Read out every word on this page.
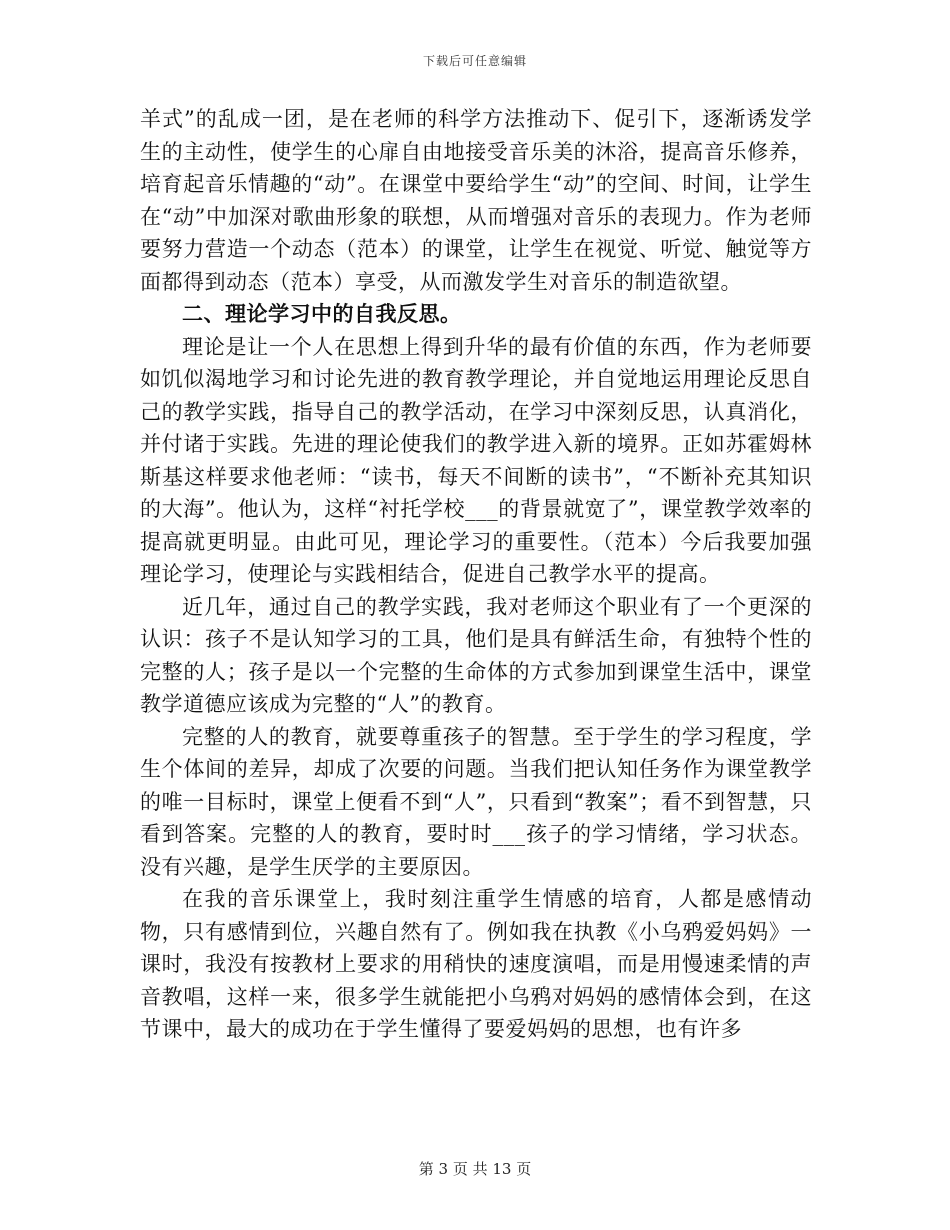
下载后可任意编辑

羊式”的乱成一团，是在老师的科学方法推动下、促引下，逐渐诱发学生的主动性，使学生的心扉自由地接受音乐美的沐浴，提高音乐修养，培育起音乐情趣的“动”。在课堂中要给学生“动”的空间、时间，让学生在“动”中加深对歌曲形象的联想，从而增强对音乐的表现力。作为老师要努力营造一个动态（范本）的课堂，让学生在视觉、听觉、触觉等方面都得到动态（范本）享受，从而激发学生对音乐的制造欲望。

二、理论学习中的自我反思。

理论是让一个人在思想上得到升华的最有价值的东西，作为老师要如饥似渴地学习和讨论先进的教育教学理论，并自觉地运用理论反思自己的教学实践，指导自己的教学活动，在学习中深刻反思，认真消化，并付诸于实践。先进的理论使我们的教学进入新的境界。正如苏霍姆林斯基这样要求他老师：“读书，每天不间断的读书”，“不断补充其知识的大海”。他认为，这样“衬托学校___的背景就宽了”，课堂教学效率的提高就更明显。由此可见，理论学习的重要性。（范本）今后我要加强理论学习，使理论与实践相结合，促进自己教学水平的提高。

近几年，通过自己的教学实践，我对老师这个职业有了一个更深的认识：孩子不是认知学习的工具，他们是具有鲜活生命，有独特个性的完整的人；孩子是以一个完整的生命体的方式参加到课堂生活中，课堂教学道德应该成为完整的“人”的教育。

完整的人的教育，就要尊重孩子的智慧。至于学生的学习程度，学生个体间的差异，却成了次要的问题。当我们把认知任务作为课堂教学的唯一目标时，课堂上便看不到“人”，只看到“教案”；看不到智慧，只看到答案。完整的人的教育，要时时___孩子的学习情绪，学习状态。没有兴趣，是学生厌学的主要原因。

在我的音乐课堂上，我时刻注重学生情感的培育，人都是感情动物，只有感情到位，兴趣自然有了。例如我在执教《小乌鸦爱妈妈》一课时，我没有按教材上要求的用稍快的速度演唱，而是用慢速柔情的声音教唱，这样一来，很多学生就能把小乌鸦对妈妈的感情体会到，在这节课中，最大的成功在于学生懂得了要爱妈妈的思想，也有许多

第 3 页 共 13 页
